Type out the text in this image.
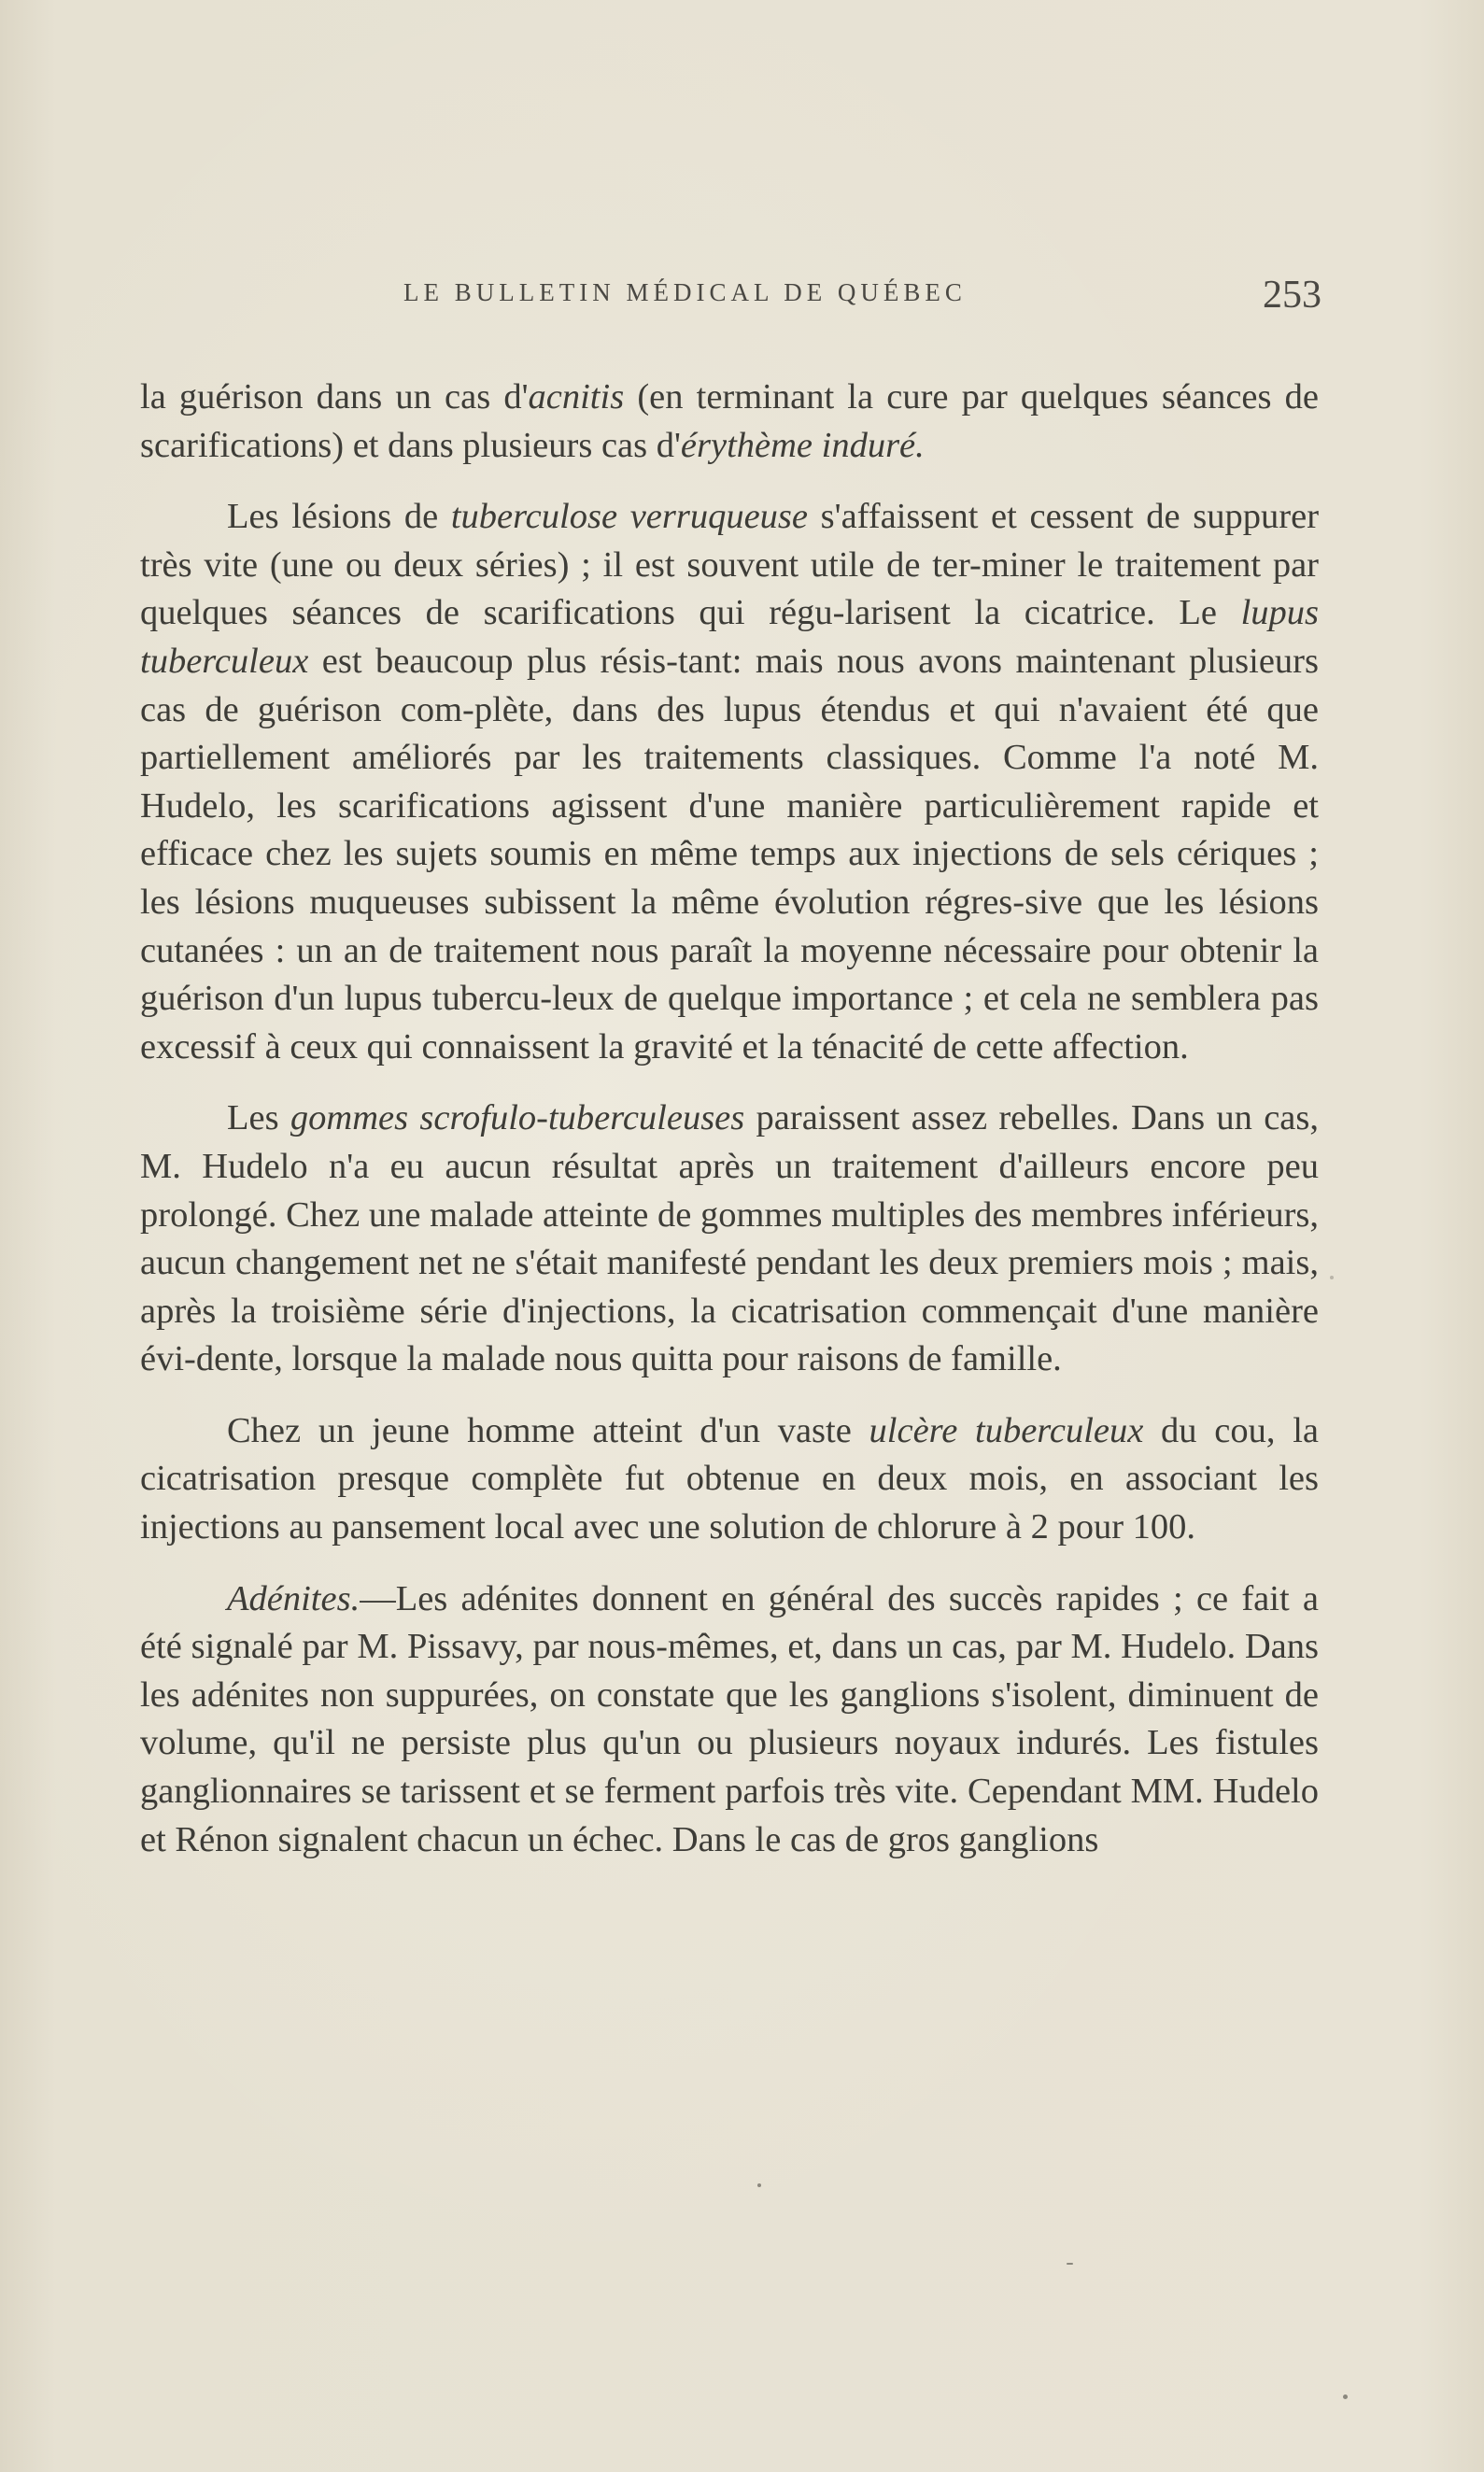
LE BULLETIN MÉDICAL DE QUÉBEC	253

la guérison dans un cas d'acnitis (en terminant la cure par quelques séances de scarifications) et dans plusieurs cas d'érythème induré.

Les lésions de tuberculose verruqueuse s'affaissent et cessent de suppurer très vite (une ou deux séries) ; il est souvent utile de ter-miner le traitement par quelques séances de scarifications qui régu-larisent la cicatrice. Le lupus tuberculeux est beaucoup plus résis-tant: mais nous avons maintenant plusieurs cas de guérison com-plète, dans des lupus étendus et qui n'avaient été que partiellement améliorés par les traitements classiques. Comme l'a noté M. Hudelo, les scarifications agissent d'une manière particulièrement rapide et efficace chez les sujets soumis en même temps aux injections de sels cériques ; les lésions muqueuses subissent la même évolution régres-sive que les lésions cutanées : un an de traitement nous paraît la moyenne nécessaire pour obtenir la guérison d'un lupus tubercu-leux de quelque importance ; et cela ne semblera pas excessif à ceux qui connaissent la gravité et la ténacité de cette affection.

Les gommes scrofulo-tuberculeuses paraissent assez rebelles. Dans un cas, M. Hudelo n'a eu aucun résultat après un traitement d'ailleurs encore peu prolongé. Chez une malade atteinte de gommes multiples des membres inférieurs, aucun changement net ne s'était manifesté pendant les deux premiers mois ; mais, après la troisième série d'injections, la cicatrisation commençait d'une manière évi-dente, lorsque la malade nous quitta pour raisons de famille.

Chez un jeune homme atteint d'un vaste ulcère tuberculeux du cou, la cicatrisation presque complète fut obtenue en deux mois, en associant les injections au pansement local avec une solution de chlorure à 2 pour 100.

Adénites.—Les adénites donnent en général des succès rapides ; ce fait a été signalé par M. Pissavy, par nous-mêmes, et, dans un cas, par M. Hudelo. Dans les adénites non suppurées, on constate que les ganglions s'isolent, diminuent de volume, qu'il ne persiste plus qu'un ou plusieurs noyaux indurés. Les fistules ganglionnaires se tarissent et se ferment parfois très vite. Cependant MM. Hudelo et Rénon signalent chacun un échec. Dans le cas de gros ganglions
